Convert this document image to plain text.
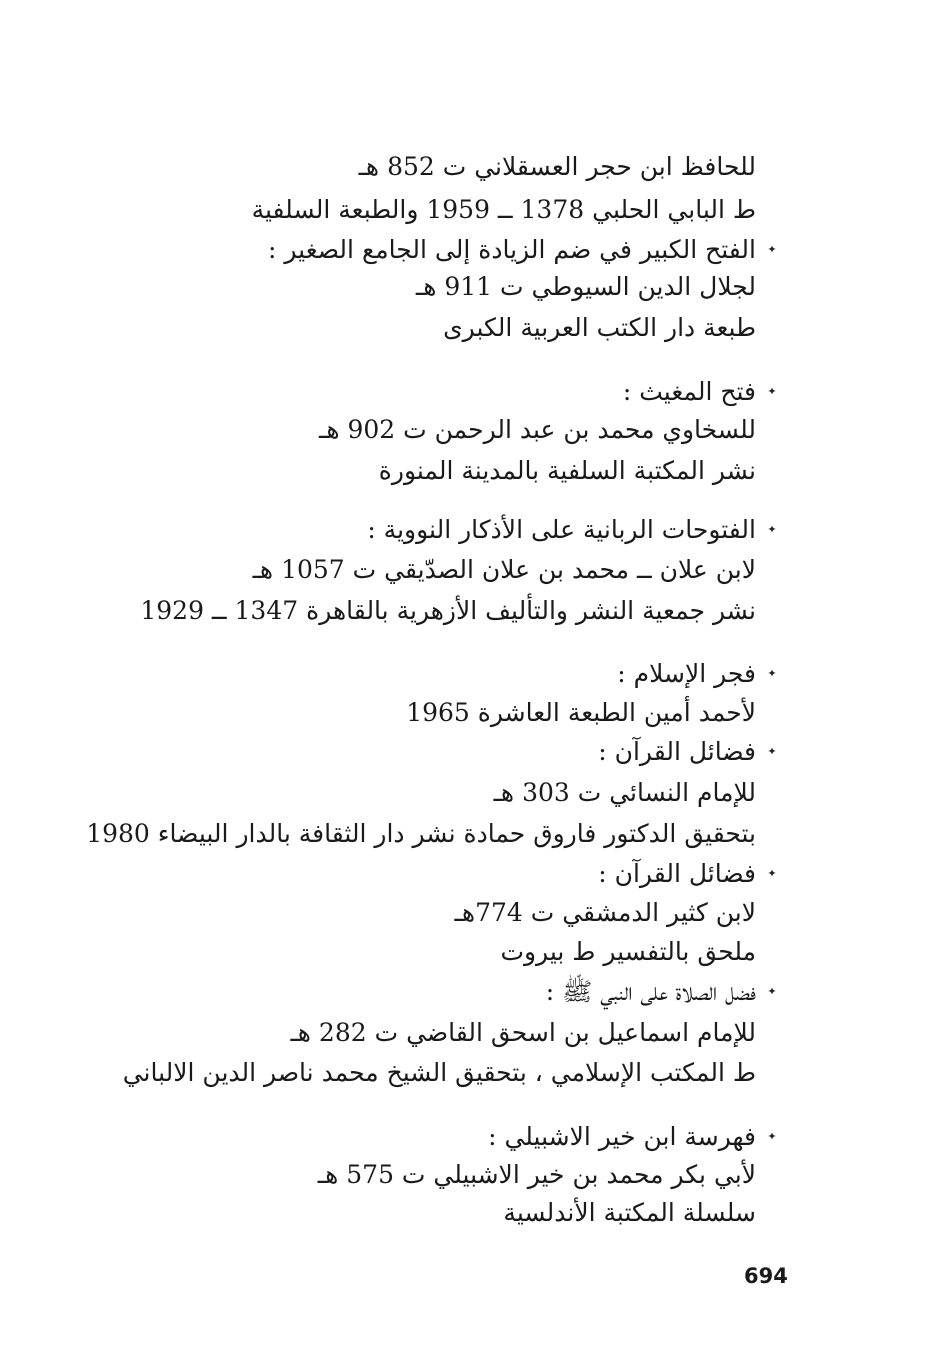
للحافظ ابن حجر العسقلاني ت 852 هـ
ط البابي الحلبي 1378 ــ 1959 والطبعة السلفية
✦
الفتح الكبير في ضم الزيادة إلى الجامع الصغير :
لجلال الدين السيوطي ت 911 هـ
طبعة دار الكتب العربية الكبرى
✦
فتح المغيث :
للسخاوي محمد بن عبد الرحمن ت 902 هـ
نشر المكتبة السلفية بالمدينة المنورة
✦
الفتوحات الربانية على الأذكار النووية :
لابن علان ــ محمد بن علان الصدّيقي ت 1057 هـ
نشر جمعية النشر والتأليف الأزهرية بالقاهرة 1347 ــ 1929
✦
فجر الإسلام :
لأحمد أمين الطبعة العاشرة 1965
✦
فضائل القرآن :
للإمام النسائي ت 303 هـ
بتحقيق الدكتور فاروق حمادة نشر دار الثقافة بالدار البيضاء 1980
✦
فضائل القرآن :
لابن كثير الدمشقي ت 774هـ
ملحق بالتفسير ط بيروت
✦
فضل الصلاة على النبي ﷺ :
للإمام اسماعيل بن اسحق القاضي ت 282 هـ
ط المكتب الإسلامي ، بتحقيق الشيخ محمد ناصر الدين الالباني
✦
فهرسة ابن خير الاشبيلي :
لأبي بكر محمد بن خير الاشبيلي ت 575 هـ
سلسلة المكتبة الأندلسية
694
